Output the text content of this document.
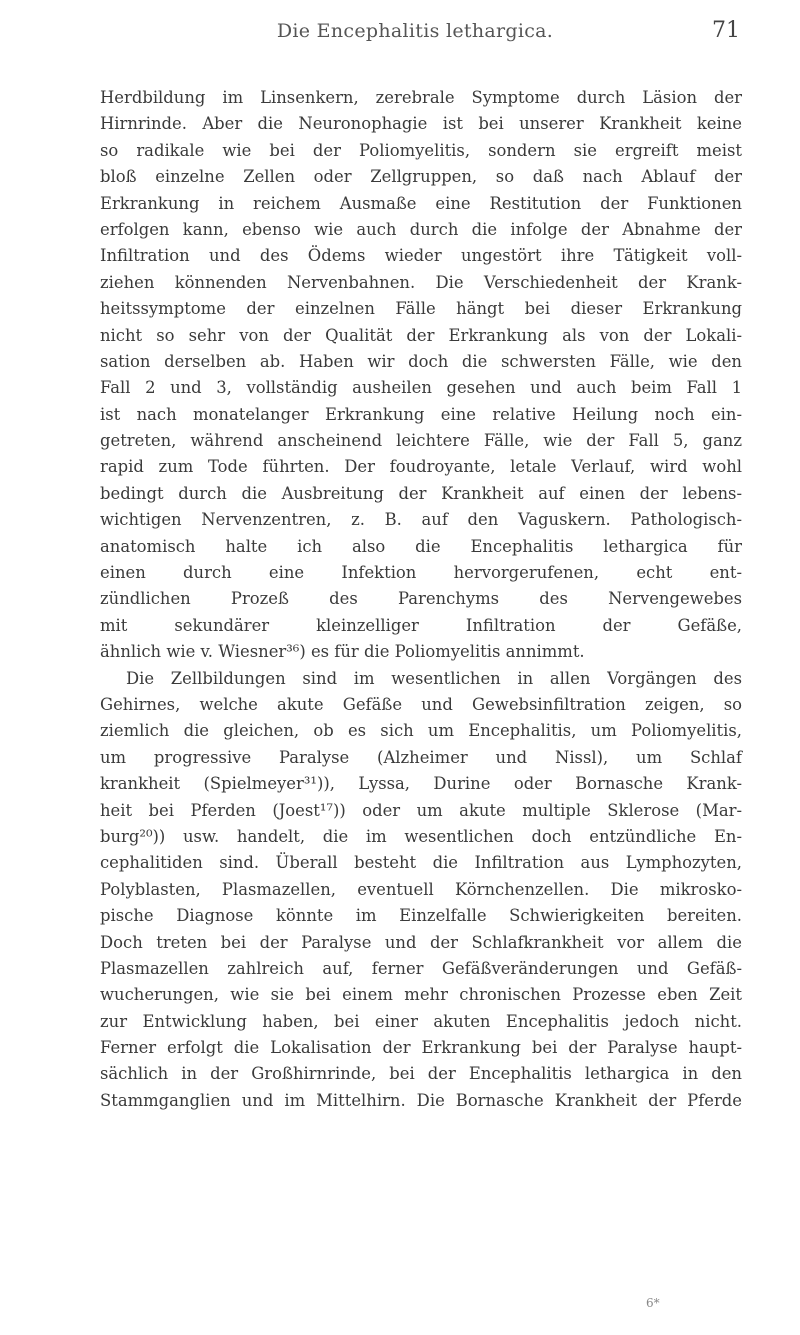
Die Encephalitis lethargica.	71
Herdbildung im Linsenkern, zerebrale Symptome durch Läsion der
Hirnrinde. Aber die Neuronophagie ist bei unserer Krankheit keine
so radikale wie bei der Poliomyelitis, sondern sie ergreift meist
bloß einzelne Zellen oder Zellgruppen, so daß nach Ablauf der
Erkrankung in reichem Ausmaße eine Restitution der Funktionen
erfolgen kann, ebenso wie auch durch die infolge der Abnahme der
Infiltration und des Ödems wieder ungestört ihre Tätigkeit voll-
ziehen könnenden Nervenbahnen. Die Verschiedenheit der Krank-
heitssymptome der einzelnen Fälle hängt bei dieser Erkrankung
nicht so sehr von der Qualität der Erkrankung als von der Lokali-
sation derselben ab. Haben wir doch die schwersten Fälle, wie den
Fall 2 und 3, vollständig ausheilen gesehen und auch beim Fall 1
ist nach monatelanger Erkrankung eine relative Heilung noch ein-
getreten, während anscheinend leichtere Fälle, wie der Fall 5, ganz
rapid zum Tode führten. Der foudroyante, letale Verlauf, wird wohl
bedingt durch die Ausbreitung der Krankheit auf einen der lebens-
wichtigen Nervenzentren, z. B. auf den Vaguskern. Pathologisch-
anatomisch halte ich also die Encephalitis lethargica für
einen durch eine Infektion hervorgerufenen, echt ent-
zündlichen Prozeß des Parenchyms des Nervengewebes
mit sekundärer kleinzelliger Infiltration der Gefäße,
ähnlich wie v. Wiesner³⁶) es für die Poliomyelitis annimmt.
Die Zellbildungen sind im wesentlichen in allen Vorgängen des
Gehirnes, welche akute Gefäße und Gewebsinfiltration zeigen, so
ziemlich die gleichen, ob es sich um Encephalitis, um Poliomyelitis,
um progressive Paralyse (Alzheimer und Nissl), um Schlaf
krankheit (Spielmeyer³¹)), Lyssa, Durine oder Bornasche Krank-
heit bei Pferden (Joest¹⁷)) oder um akute multiple Sklerose (Mar-
burg²⁰)) usw. handelt, die im wesentlichen doch entzündliche En-
cephalitiden sind. Überall besteht die Infiltration aus Lymphozyten,
Polyblasten, Plasmazellen, eventuell Körnchenzellen. Die mikrosko-
pische Diagnose könnte im Einzelfalle Schwierigkeiten bereiten.
Doch treten bei der Paralyse und der Schlafkrankheit vor allem die
Plasmazellen zahlreich auf, ferner Gefäßveränderungen und Gefäß-
wucherungen, wie sie bei einem mehr chronischen Prozesse eben Zeit
zur Entwicklung haben, bei einer akuten Encephalitis jedoch nicht.
Ferner erfolgt die Lokalisation der Erkrankung bei der Paralyse haupt-
sächlich in der Großhirnrinde, bei der Encephalitis lethargica in den
Stammganglien und im Mittelhirn. Die Bornasche Krankheit der Pferde
6*
